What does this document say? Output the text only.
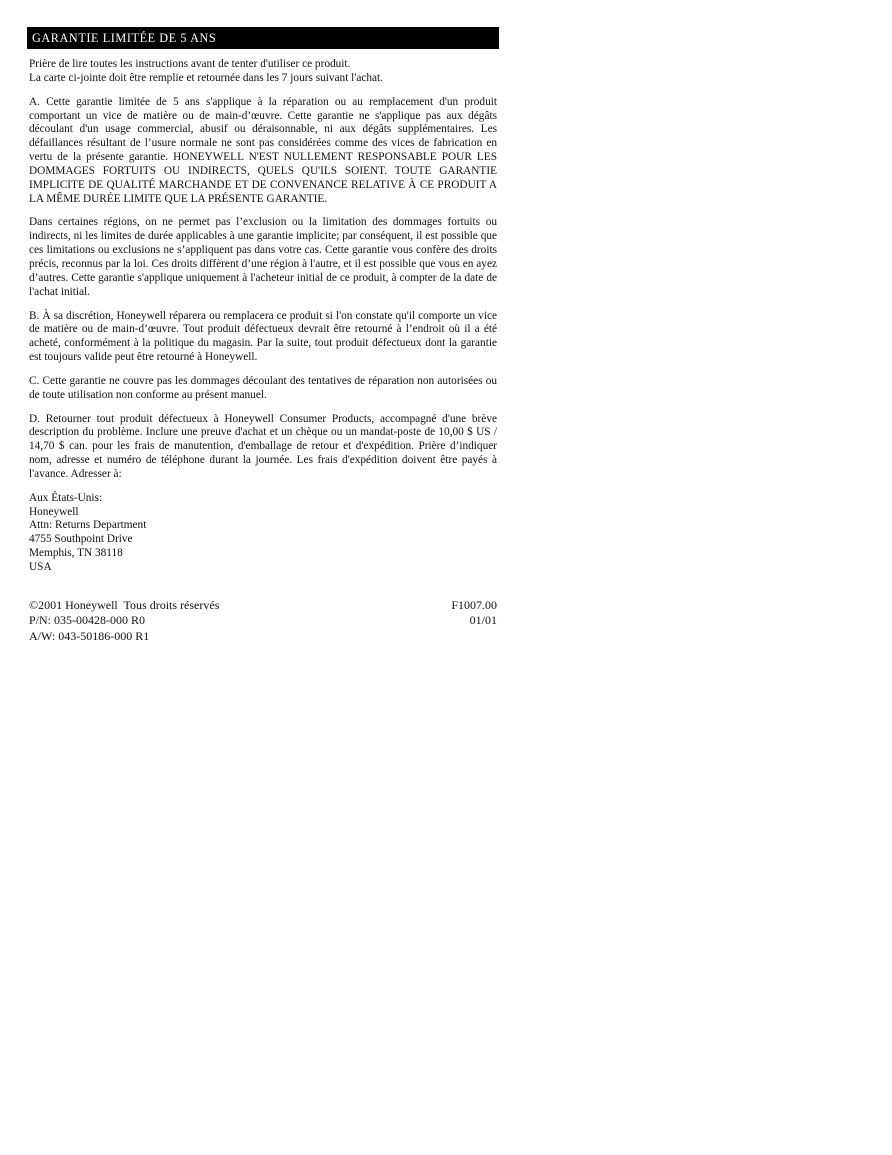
GARANTIE LIMITÉE DE 5 ANS

Prière de lire toutes les instructions avant de tenter d'utiliser ce produit.
La carte ci-jointe doit être remplie et retournée dans les 7 jours suivant l'achat.

A. Cette garantie limitée de 5 ans s'applique à la réparation ou au remplacement d'un produit comportant un vice de matière ou de main-d’œuvre. Cette garantie ne s'applique pas aux dégâts découlant d'un usage commercial, abusif ou déraisonnable, ni aux dégâts supplémentaires. Les défaillances résultant de l’usure normale ne sont pas considérées comme des vices de fabrication en vertu de la présente garantie. HONEYWELL N'EST NULLEMENT RESPONSABLE POUR LES DOMMAGES FORTUITS OU INDIRECTS, QUELS QU'ILS SOIENT. TOUTE GARANTIE IMPLICITE DE QUALITÉ MARCHANDE ET DE CONVENANCE RELATIVE À CE PRODUIT A LA MÊME DURÉE LIMITE QUE LA PRÉSENTE GARANTIE.

Dans certaines régions, on ne permet pas l’exclusion ou la limitation des dommages fortuits ou indirects, ni les limites de durée applicables à une garantie implicite; par conséquent, il est possible que ces limitations ou exclusions ne s’appliquent pas dans votre cas. Cette garantie vous confère des droits précis, reconnus par la loi. Ces droits diffèrent d’une région à l'autre, et il est possible que vous en ayez d’autres. Cette garantie s'applique uniquement à l'acheteur initial de ce produit, à compter de la date de l'achat initial.

B. À sa discrétion, Honeywell réparera ou remplacera ce produit si l'on constate qu'il comporte un vice de matière ou de main-d’œuvre. Tout produit défectueux devrait être retourné à l’endroit où il a été acheté, conformément à la politique du magasin. Par la suite, tout produit défectueux dont la garantie est toujours valide peut être retourné à Honeywell.

C. Cette garantie ne couvre pas les dommages découlant des tentatives de réparation non autorisées ou de toute utilisation non conforme au présent manuel.

D. Retourner tout produit défectueux à Honeywell Consumer Products, accompagné d'une brève description du problème. Inclure une preuve d'achat et un chèque ou un mandat-poste de 10,00 $ US / 14,70 $ can. pour les frais de manutention, d'emballage de retour et d'expédition. Prière d’indiquer nom, adresse et numéro de téléphone durant la journée. Les frais d'expédition doivent être payés à l'avance. Adresser à:

Aux États-Unis:
Honeywell
Attn: Returns Department
4755 Southpoint Drive
Memphis, TN 38118
USA
©2001 Honeywell  Tous droits réservés
P/N: 035-00428-000 R0
A/W: 043-50186-000 R1
F1007.00
01/01
